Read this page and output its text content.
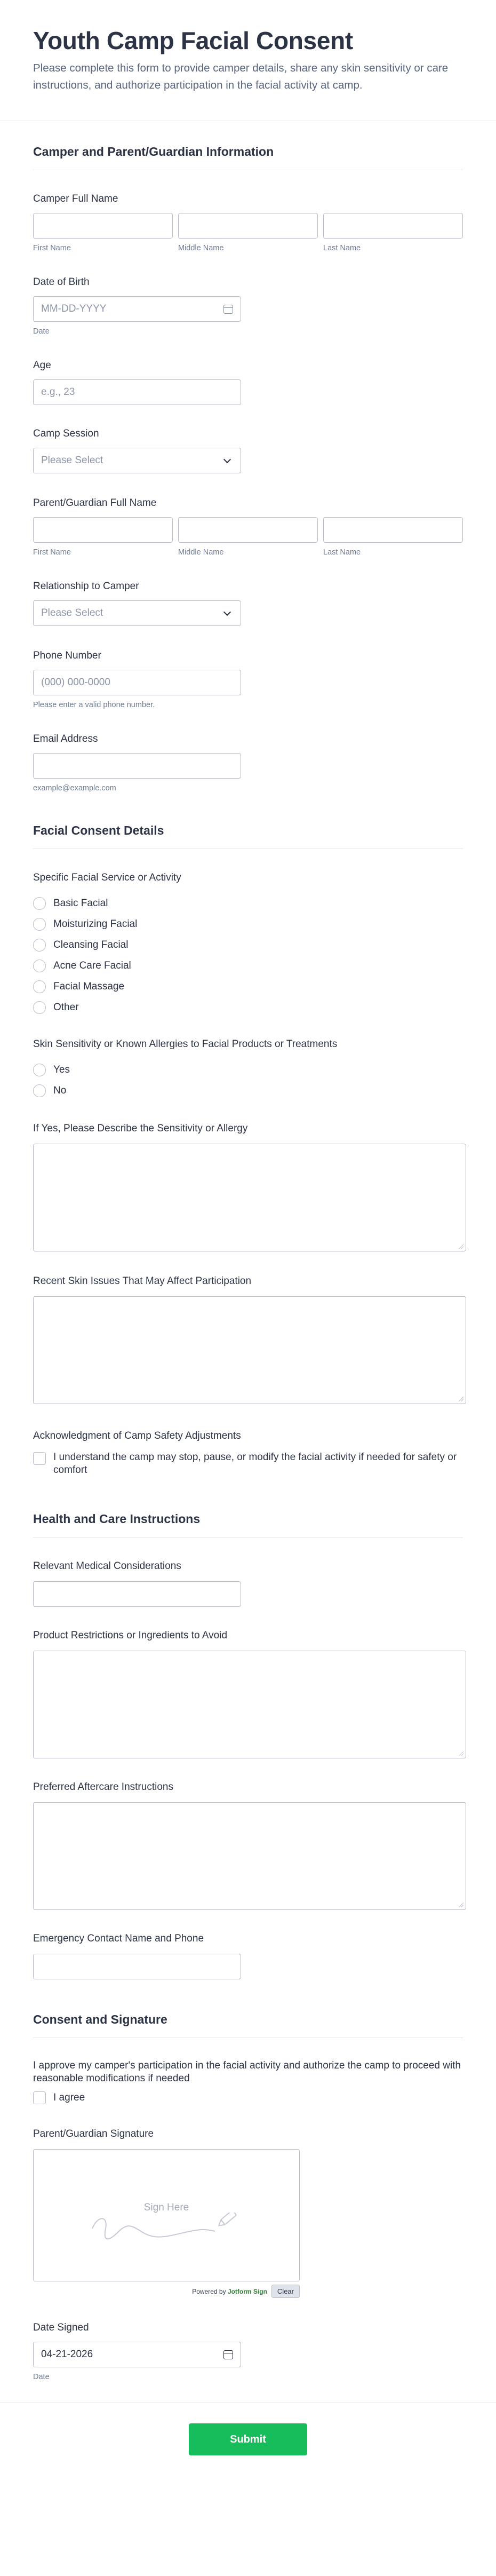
Youth Camp Facial Consent

Please complete this form to provide camper details, share any skin sensitivity or care instructions, and authorize participation in the facial activity at camp.

Camper and Parent/Guardian Information
Camper Full Name
First Name	Middle Name	Last Name
Date of Birth
MM-DD-YYYY
Date
Age
e.g., 23
Camp Session
Please Select
Parent/Guardian Full Name
First Name	Middle Name	Last Name
Relationship to Camper
Please Select
Phone Number
(000) 000-0000
Please enter a valid phone number.
Email Address
example@example.com
Facial Consent Details
Specific Facial Service or Activity
Basic Facial
Moisturizing Facial
Cleansing Facial
Acne Care Facial
Facial Massage
Other
Skin Sensitivity or Known Allergies to Facial Products or Treatments
Yes
No
If Yes, Please Describe the Sensitivity or Allergy
Recent Skin Issues That May Affect Participation
Acknowledgment of Camp Safety Adjustments
I understand the camp may stop, pause, or modify the facial activity if needed for safety or comfort
Health and Care Instructions
Relevant Medical Considerations
Product Restrictions or Ingredients to Avoid
Preferred Aftercare Instructions
Emergency Contact Name and Phone
Consent and Signature
I approve my camper's participation in the facial activity and authorize the camp to proceed with reasonable modifications if needed
I agree
Parent/Guardian Signature
Sign Here
Powered by Jotform Sign	Clear
Date Signed
04-21-2026
Date
Submit
